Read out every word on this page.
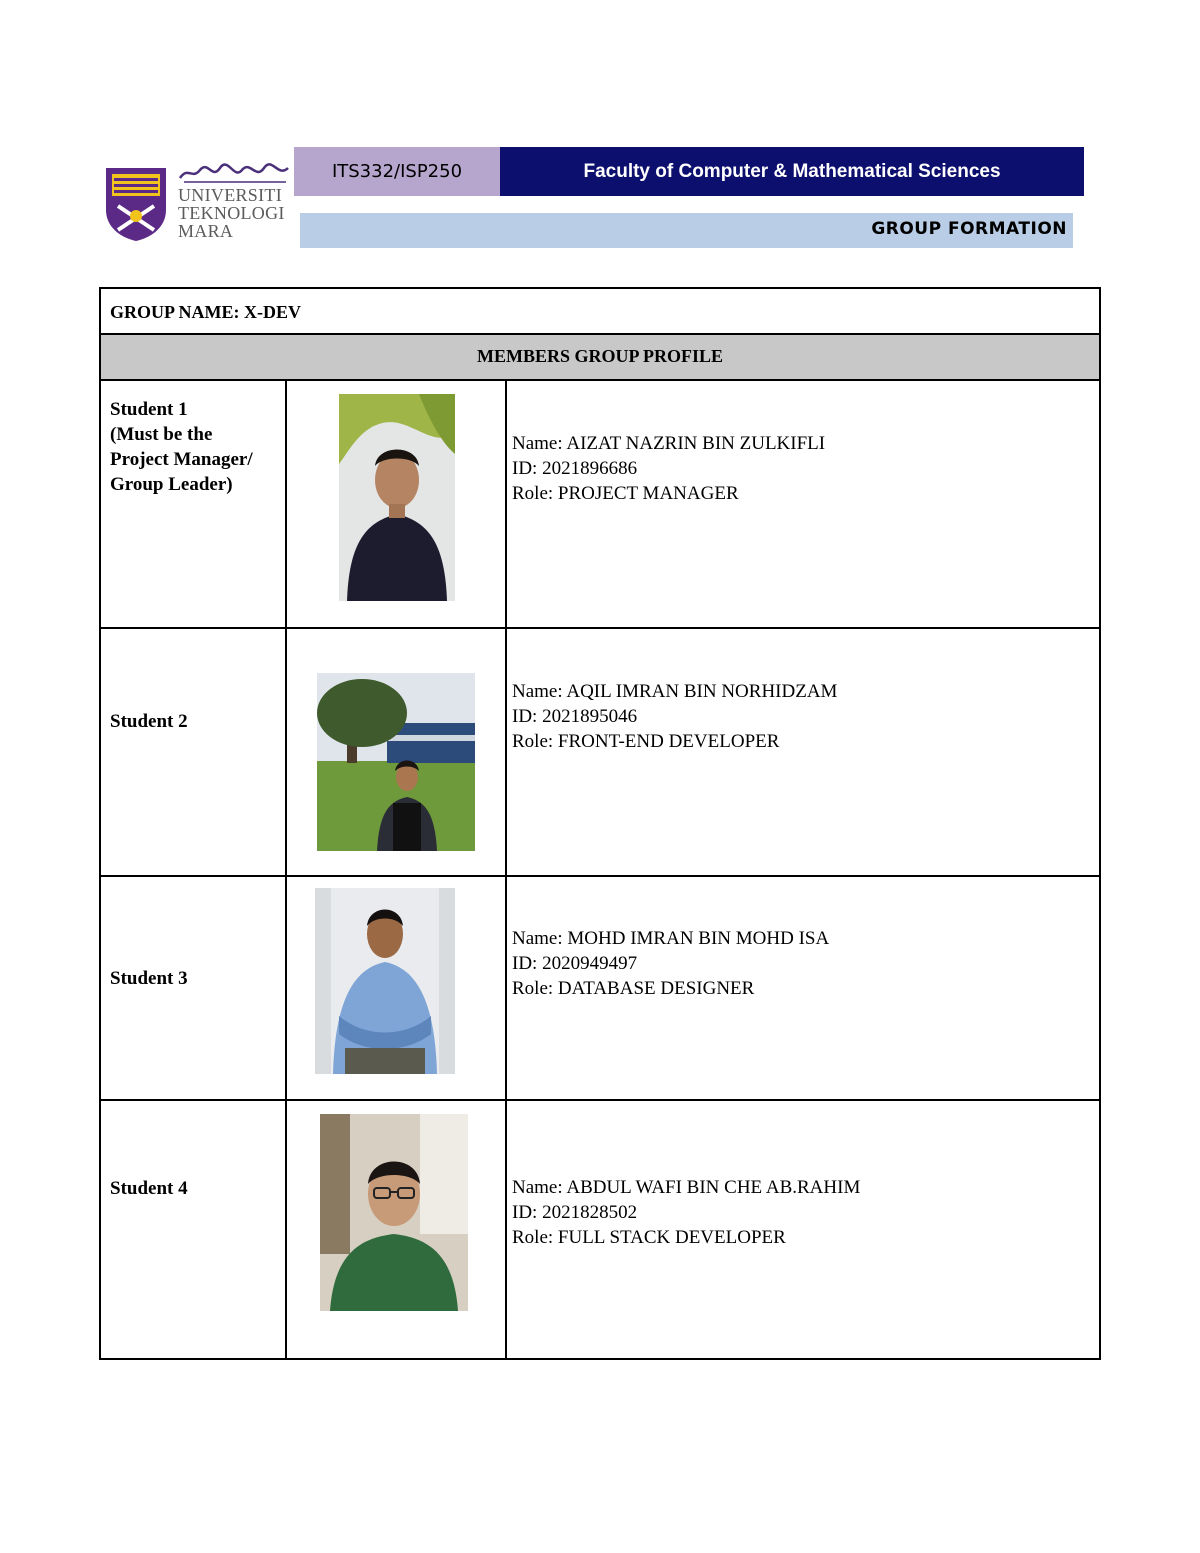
UNIVERSITI
TEKNOLOGI
MARA
ITS332/ISP250	Faculty of Computer & Mathematical Sciences
GROUP FORMATION
GROUP NAME: X-DEV
MEMBERS GROUP PROFILE
Student 1
(Must be the
Project Manager/
Group Leader)
Name: AIZAT NAZRIN BIN ZULKIFLI
ID: 2021896686
Role: PROJECT MANAGER
Student 2
Name: AQIL IMRAN BIN NORHIDZAM
ID: 2021895046
Role: FRONT-END DEVELOPER
Student 3
Name: MOHD IMRAN BIN MOHD ISA
ID: 2020949497
Role: DATABASE DESIGNER
Student 4	Name: ABDUL WAFI BIN CHE AB.RAHIM
ID: 2021828502
Role: FULL STACK DEVELOPER
